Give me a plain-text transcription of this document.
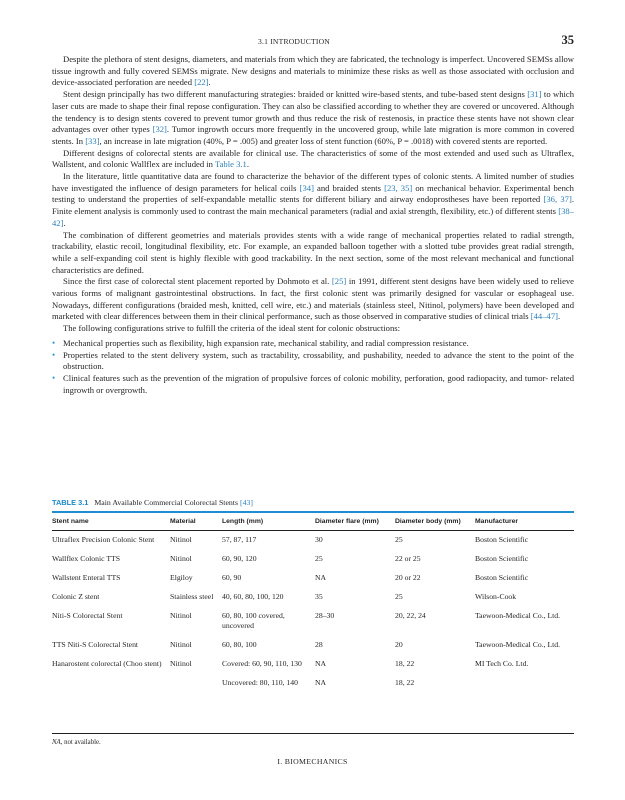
3.1 INTRODUCTION	35

Despite the plethora of stent designs, diameters, and materials from which they are fabricated, the technology is imperfect. Uncovered SEMSs allow tissue ingrowth and fully covered SEMSs migrate. New designs and materials to minimize these risks as well as those associated with occlusion and device-associated perforation are needed [22].

Stent design principally has two different manufacturing strategies: braided or knitted wire-based stents, and tube-based stent designs [31] to which laser cuts are made to shape their final repose configuration. They can also be classified according to whether they are covered or uncovered. Although the tendency is to design stents covered to prevent tumor growth and thus reduce the risk of restenosis, in practice these stents have not shown clear advantages over other types [32]. Tumor ingrowth occurs more frequently in the uncovered group, while late migration is more common in covered stents. In [33], an increase in late migration (40%, P = .005) and greater loss of stent function (60%, P = .0018) with covered stents are reported.

Different designs of colorectal stents are available for clinical use. The characteristics of some of the most extended and used such as Ultraflex, Wallstent, and colonic Wallflex are included in Table 3.1.

In the literature, little quantitative data are found to characterize the behavior of the different types of colonic stents. A limited number of studies have investigated the influence of design parameters for helical coils [34] and braided stents [23, 35] on mechanical behavior. Experimental bench testing to understand the properties of self-expandable metallic stents for different biliary and airway endoprostheses have been reported [36, 37]. Finite element analysis is commonly used to contrast the main mechanical parameters (radial and axial strength, flexibility, etc.) of different stents [38–42].

The combination of different geometries and materials provides stents with a wide range of mechanical properties related to radial strength, trackability, elastic recoil, longitudinal flexibility, etc. For example, an expanded balloon together with a slotted tube provides great radial strength, while a self-expanding coil stent is highly flexible with good trackability. In the next section, some of the most relevant mechanical and functional characteristics are defined.

Since the first case of colorectal stent placement reported by Dohmoto et al. [25] in 1991, different stent designs have been widely used to relieve various forms of malignant gastrointestinal obstructions. In fact, the first colonic stent was primarily designed for vascular or esophageal use. Nowadays, different configurations (braided mesh, knitted, cell wire, etc.) and materials (stainless steel, Nitinol, polymers) have been developed and marketed with clear differences between them in their clinical performance, such as those observed in comparative studies of clinical trials [44–47].

The following configurations strive to fulfill the criteria of the ideal stent for colonic obstructions:

• Mechanical properties such as flexibility, high expansion rate, mechanical stability, and radial compression resistance.
• Properties related to the stent delivery system, such as tractability, crossability, and pushability, needed to advance the stent to the point of the obstruction.
• Clinical features such as the prevention of the migration of propulsive forces of colonic mobility, perforation, good radiopacity, and tumor- related ingrowth or overgrowth.
TABLE 3.1 Main Available Commercial Colorectal Stents [43]
Stent name	Material	Length (mm)	Diameter flare (mm)	Diameter body (mm)	Manufacturer
Ultraflex Precision Colonic Stent	Nitinol	57, 87, 117	30	25	Boston Scientific
Wallflex Colonic TTS	Nitinol	60, 90, 120	25	22 or 25	Boston Scientific
Wallstent Enteral TTS	Elgiloy	60, 90	NA	20 or 22	Boston Scientific
Colonic Z stent	Stainless steel	40, 60, 80, 100, 120	35	25	Wilson-Cook
Niti-S Colorectal Stent	Nitinol	60, 80, 100 covered, uncovered	28–30	20, 22, 24	Taewoon-Medical Co., Ltd.
TTS Niti-S Colorectal Stent	Nitinol	60, 80, 100	28	20	Taewoon-Medical Co., Ltd.
Hanarostent colorectal (Choo stent)	Nitinol	Covered: 60, 90, 110, 130	NA	18, 22	MI Tech Co. Ltd.
		Uncovered: 80, 110, 140	NA	18, 22	
NA, not available.
I. BIOMECHANICS
